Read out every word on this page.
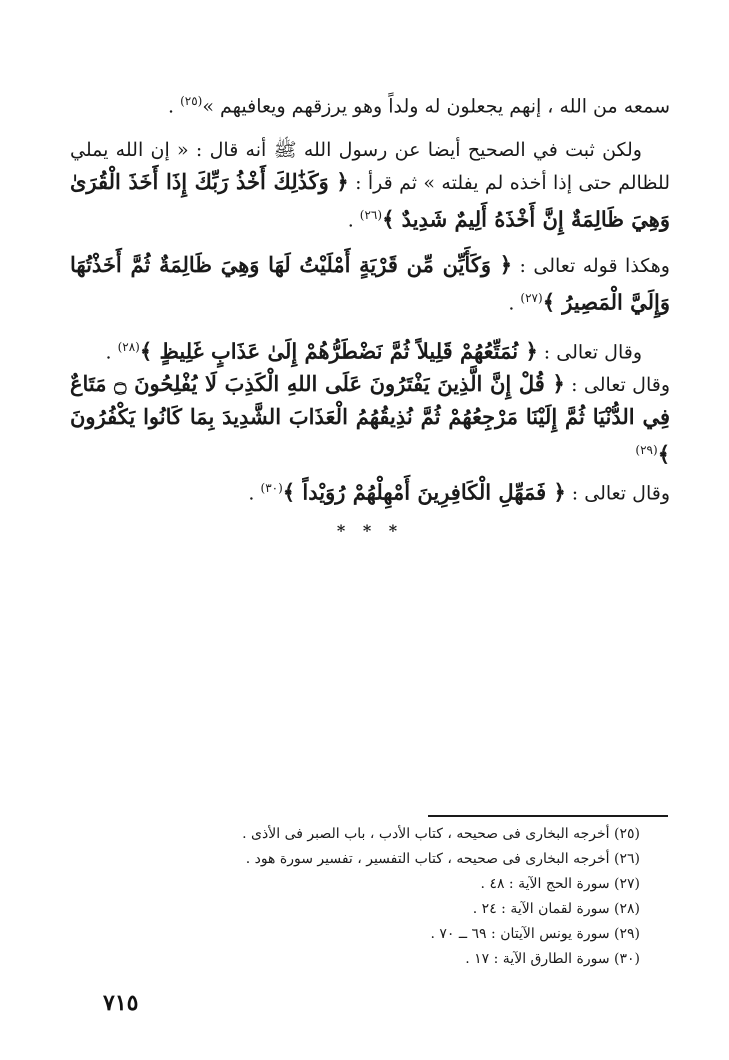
سمعه من الله ، إنهم يجعلون له ولداً وهو يرزقهم ويعافيهم »$^{(٢٥)}$ .

ولكن ثبت في الصحيح أيضا عن رسول الله ﷺ أنه قال : « إن الله يملي للظالم حتى إذا أخذه لم يفلته » ثم قرأ : ﴿ وَكَذَٰلِكَ أَخْذُ رَبِّكَ إِذَا أَخَذَ الْقُرَىٰ وَهِيَ ظَالِمَةٌ إِنَّ أَخْذَهُ أَلِيمٌ شَدِيدٌ ﴾$^{(٢٦)}$ .

وهكذا قوله تعالى : ﴿ وَكَأَيِّن مِّن قَرْيَةٍ أَمْلَيْتُ لَهَا وَهِيَ ظَالِمَةٌ ثُمَّ أَخَذْتُهَا وَإِلَيَّ الْمَصِيرُ ﴾$^{(٢٧)}$ .

وقال تعالى : ﴿ نُمَتِّعُهُمْ قَلِيلاً ثُمَّ نَضْطَرُّهُمْ إِلَىٰ عَذَابٍ غَلِيظٍ ﴾$^{(٢٨)}$ .

وقال تعالى : ﴿ قُلْ إِنَّ الَّذِينَ يَفْتَرُونَ عَلَى اللهِ الْكَذِبَ لَا يُفْلِحُونَ ۝ مَتَاعٌ فِي الدُّنْيَا ثُمَّ إِلَيْنَا مَرْجِعُهُمْ ثُمَّ نُذِيقُهُمُ الْعَذَابَ الشَّدِيدَ بِمَا كَانُوا يَكْفُرُونَ ﴾$^{(٢٩)}$

وقال تعالى : ﴿ فَمَهِّلِ الْكَافِرِينَ أَمْهِلْهُمْ رُوَيْداً ﴾$^{(٣٠)}$ .

* * *
(٢٥) أخرجه البخارى فى صحيحه ، كتاب الأدب ، باب الصبر فى الأذى .
(٢٦) أخرجه البخارى فى صحيحه ، كتاب التفسير ، تفسير سورة هود .
(٢٧) سورة الحج الآية : ٤٨ .
(٢٨) سورة لقمان الآية : ٢٤ .
(٢٩) سورة يونس الآيتان : ٦٩ ــ ٧٠ .
(٣٠) سورة الطارق الآية : ١٧ .
٧١٥
